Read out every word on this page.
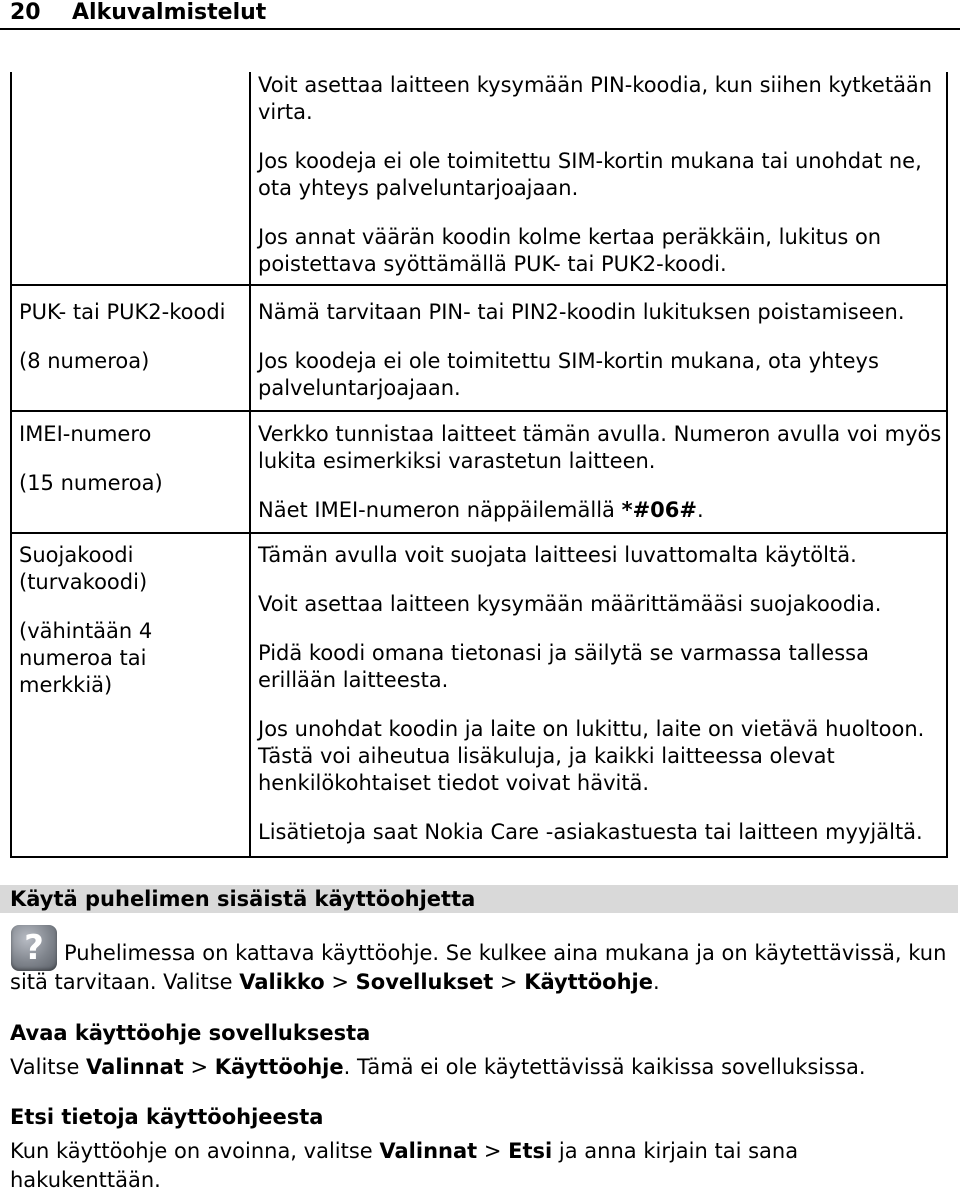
20 Alkuvalmistelut

Voit asettaa laitteen kysymään PIN-koodia, kun siihen kytketään virta.

Jos koodeja ei ole toimitettu SIM-kortin mukana tai unohdat ne, ota yhteys palveluntarjoajaan.

Jos annat väärän koodin kolme kertaa peräkkäin, lukitus on poistettava syöttämällä PUK- tai PUK2-koodi.

PUK- tai PUK2-koodi

(8 numeroa)

Nämä tarvitaan PIN- tai PIN2-koodin lukituksen poistamiseen.

Jos koodeja ei ole toimitettu SIM-kortin mukana, ota yhteys palveluntarjoajaan.

IMEI-numero

(15 numeroa)

Verkko tunnistaa laitteet tämän avulla. Numeron avulla voi myös lukita esimerkiksi varastetun laitteen.

Näet IMEI-numeron näppäilemällä *#06#.

Suojakoodi (turvakoodi)

(vähintään 4 numeroa tai merkkiä)

Tämän avulla voit suojata laitteesi luvattomalta käytöltä.

Voit asettaa laitteen kysymään määrittämääsi suojakoodia.

Pidä koodi omana tietonasi ja säilytä se varmassa tallessa erillään laitteesta.

Jos unohdat koodin ja laite on lukittu, laite on vietävä huoltoon. Tästä voi aiheutua lisäkuluja, ja kaikki laitteessa olevat henkilökohtaiset tiedot voivat hävitä.

Lisätietoja saat Nokia Care -asiakastuesta tai laitteen myyjältä.

Käytä puhelimen sisäistä käyttöohjetta
? Puhelimessa on kattava käyttöohje. Se kulkee aina mukana ja on käytettävissä, kun sitä tarvitaan. Valitse Valikko > Sovellukset > Käyttöohje.
Avaa käyttöohje sovelluksesta
Valitse Valinnat > Käyttöohje. Tämä ei ole käytettävissä kaikissa sovelluksissa.
Etsi tietoja käyttöohjeesta
Kun käyttöohje on avoinna, valitse Valinnat > Etsi ja anna kirjain tai sana hakukenttään.
